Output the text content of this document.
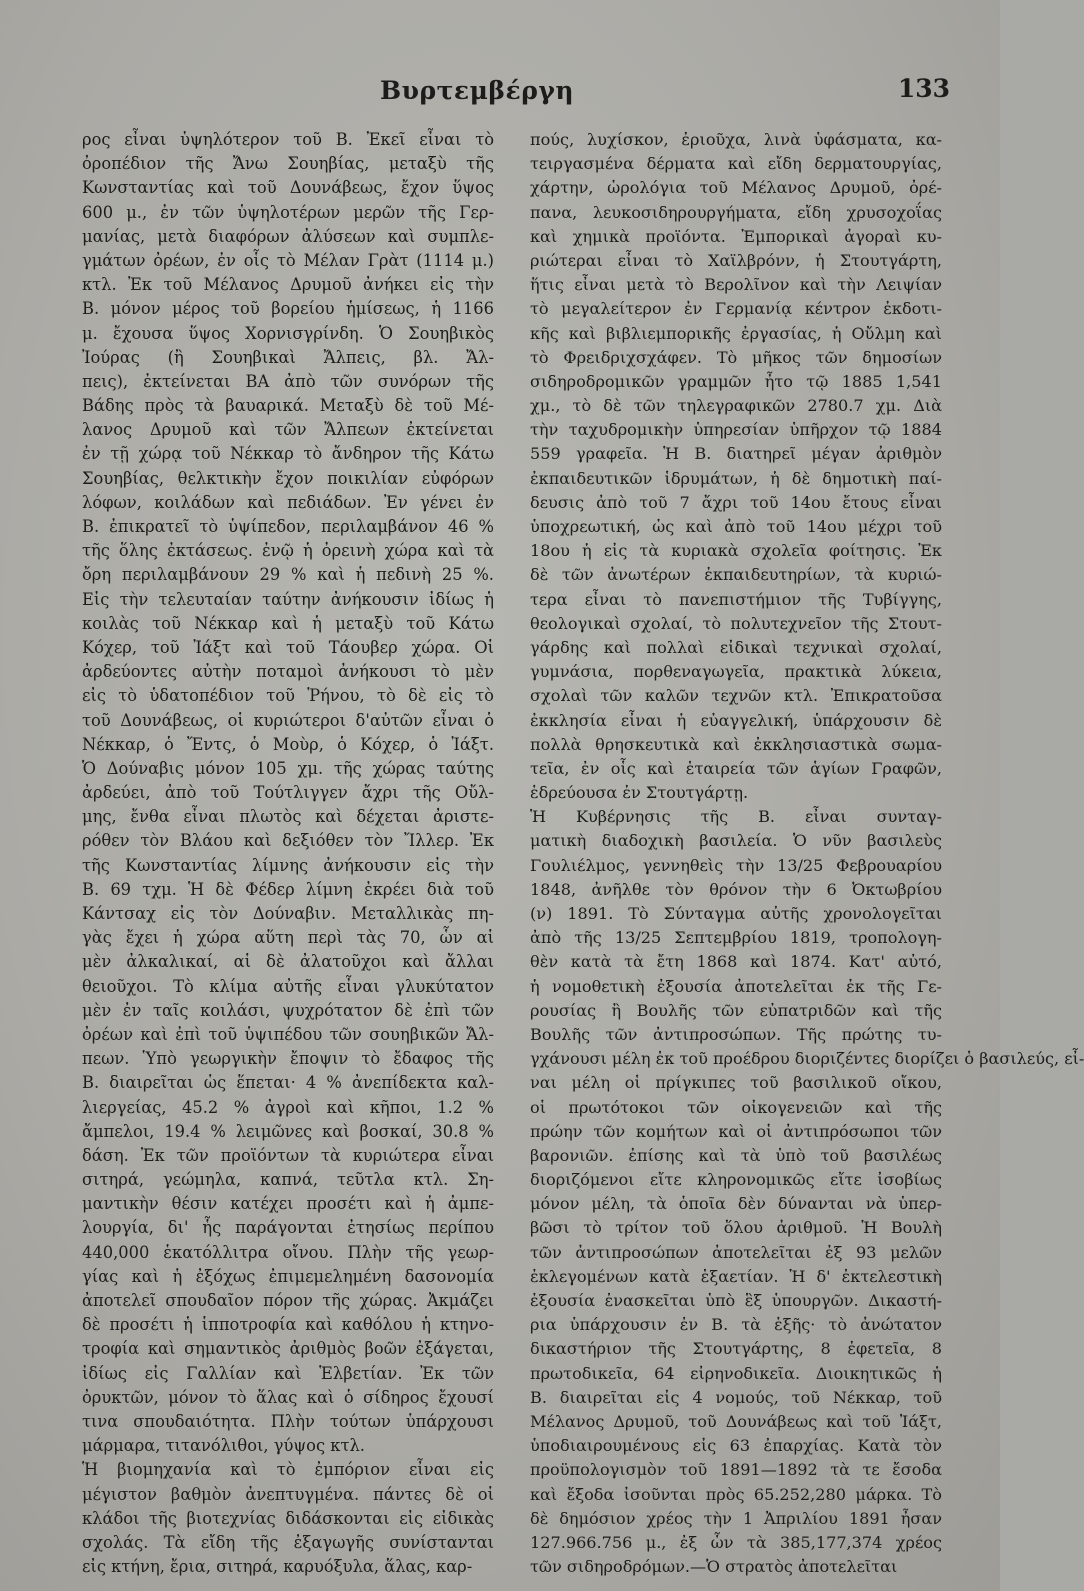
Βυρτεμβέργη	133
ρος εἶναι ὑψηλότερον τοῦ Β. Ἐκεῖ εἶναι τὸ
ὀροπέδιον τῆς Ἄνω Σουηβίας, μεταξὺ τῆς
Κωνσταντίας καὶ τοῦ Δουνάβεως, ἔχον ὕψος
600 μ., ἐν τῶν ὑψηλοτέρων μερῶν τῆς Γερ-
μανίας, μετὰ διαφόρων ἀλύσεων καὶ συμπλε-
γμάτων ὀρέων, ἐν οἷς τὸ Μέλαν Γρὰτ (1114 μ.)
κτλ. Ἐκ τοῦ Μέλανος Δρυμοῦ ἀνήκει εἰς τὴν
Β. μόνον μέρος τοῦ βορείου ἡμίσεως, ἡ 1166
μ. ἔχουσα ὕψος Χορνισγρίνδη. Ὁ Σουηβικὸς
Ἰούρας (ἢ Σουηβικαὶ Ἄλπεις, βλ. Ἄλ-
πεις), ἐκτείνεται ΒΑ ἀπὸ τῶν συνόρων τῆς
Βάδης πρὸς τὰ βαυαρικά. Μεταξὺ δὲ τοῦ Μέ-
λανος Δρυμοῦ καὶ τῶν Ἄλπεων ἐκτείνεται
ἐν τῇ χώρᾳ τοῦ Νέκκαρ τὸ ἄνδηρον τῆς Κάτω
Σουηβίας, θελκτικὴν ἔχον ποικιλίαν εὐφόρων
λόφων, κοιλάδων καὶ πεδιάδων. Ἐν γένει ἐν
Β. ἐπικρατεῖ τὸ ὑψίπεδον, περιλαμβάνον 46 %
τῆς ὅλης ἐκτάσεως. ἐνῷ ἡ ὀρεινὴ χώρα καὶ τὰ
ὄρη περιλαμβάνουν 29 % καὶ ἡ πεδινὴ 25 %.
Εἰς τὴν τελευταίαν ταύτην ἀνήκουσιν ἰδίως ἡ
κοιλὰς τοῦ Νέκκαρ καὶ ἡ μεταξὺ τοῦ Κάτω
Κόχερ, τοῦ Ἰάξτ καὶ τοῦ Τάουβερ χώρα. Οἱ
ἀρδεύοντες αὐτὴν ποταμοὶ ἀνήκουσι τὸ μὲν
εἰς τὸ ὑδατοπέδιον τοῦ Ῥήνου, τὸ δὲ εἰς τὸ
τοῦ Δουνάβεως, οἱ κυριώτεροι δ'αὐτῶν εἶναι ὁ
Νέκκαρ, ὁ Ἔντς, ὁ Μοὺρ, ὁ Κόχερ, ὁ Ἰάξτ.
Ὁ Δούναβις μόνον 105 χμ. τῆς χώρας ταύτης
ἀρδεύει, ἀπὸ τοῦ Τούτλιγγεν ἄχρι τῆς Οὔλ-
μης, ἔνθα εἶναι πλωτὸς καὶ δέχεται ἀριστε-
ρόθεν τὸν Βλάου καὶ δεξιόθεν τὸν Ἴλλερ. Ἐκ
τῆς Κωνσταντίας λίμνης ἀνήκουσιν εἰς τὴν
Β. 69 τχμ. Ἡ δὲ Φέδερ λίμνη ἐκρέει διὰ τοῦ
Κάντσαχ εἰς τὸν Δούναβιν. Μεταλλικὰς πη-
γὰς ἔχει ἡ χώρα αὕτη περὶ τὰς 70, ὧν αἱ
μὲν ἀλκαλικαί, αἱ δὲ ἀλατοῦχοι καὶ ἄλλαι
θειοῦχοι. Τὸ κλίμα αὐτῆς εἶναι γλυκύτατον
μὲν ἐν ταῖς κοιλάσι, ψυχρότατον δὲ ἐπὶ τῶν
ὀρέων καὶ ἐπὶ τοῦ ὑψιπέδου τῶν σουηβικῶν Ἄλ-
πεων. Ὑπὸ γεωργικὴν ἔποψιν τὸ ἔδαφος τῆς
Β. διαιρεῖται ὡς ἕπεται· 4 % ἀνεπίδεκτα καλ-
λιεργείας, 45.2 % ἀγροὶ καὶ κῆποι, 1.2 %
ἄμπελοι, 19.4 % λειμῶνες καὶ βοσκαί, 30.8 %
δάση. Ἐκ τῶν προϊόντων τὰ κυριώτερα εἶναι
σιτηρά, γεώμηλα, καπνά, τεῦτλα κτλ. Ση-
μαντικὴν θέσιν κατέχει προσέτι καὶ ἡ ἀμπε-
λουργία, δι' ἧς παράγονται ἐτησίως περίπου
440,000 ἑκατόλλιτρα οἴνου. Πλὴν τῆς γεωρ-
γίας καὶ ἡ ἐξόχως ἐπιμεμελημένη δασονομία
ἀποτελεῖ σπουδαῖον πόρον τῆς χώρας. Ἀκμάζει
δὲ προσέτι ἡ ἱπποτροφία καὶ καθόλου ἡ κτηνο-
τροφία καὶ σημαντικὸς ἀριθμὸς βοῶν ἐξάγεται,
ἰδίως εἰς Γαλλίαν καὶ Ἑλβετίαν. Ἐκ τῶν
ὀρυκτῶν, μόνον τὸ ἅλας καὶ ὁ σίδηρος ἔχουσί
τινα σπουδαιότητα. Πλὴν τούτων ὑπάρχουσι
μάρμαρα, τιτανόλιθοι, γύψος κτλ.
Ἡ βιομηχανία καὶ τὸ ἐμπόριον εἶναι εἰς
μέγιστον βαθμὸν ἀνεπτυγμένα. πάντες δὲ οἱ
κλάδοι τῆς βιοτεχνίας διδάσκονται εἰς εἰδικὰς
σχολάς. Τὰ εἴδη τῆς ἐξαγωγῆς συνίστανται
εἰς κτήνη, ἔρια, σιτηρά, καρυόξυλα, ἅλας, καρ-
πούς, λυχίσκον, ἐριοῦχα, λινὰ ὑφάσματα, κα-
τειργασμένα δέρματα καὶ εἴδη δερματουργίας,
χάρτην, ὡρολόγια τοῦ Μέλανος Δρυμοῦ, ὀρέ-
πανα, λευκοσιδηρουργήματα, εἴδη χρυσοχοΐας
καὶ χημικὰ προϊόντα. Ἐμπορικαὶ ἀγοραὶ κυ-
ριώτεραι εἶναι τὸ Χαϊλβρόνν, ἡ Στουτγάρτη,
ἥτις εἶναι μετὰ τὸ Βερολῖνον καὶ τὴν Λειψίαν
τὸ μεγαλείτερον ἐν Γερμανίᾳ κέντρον ἐκδοτι-
κῆς καὶ βιβλιεμπορικῆς ἐργασίας, ἡ Οὔλμη καὶ
τὸ Φρειδριχσχάφεν. Τὸ μῆκος τῶν δημοσίων
σιδηροδρομικῶν γραμμῶν ἦτο τῷ 1885 1,541
χμ., τὸ δὲ τῶν τηλεγραφικῶν 2780.7 χμ. Διὰ
τὴν ταχυδρομικὴν ὑπηρεσίαν ὑπῆρχον τῷ 1884
559 γραφεῖα. Ἡ Β. διατηρεῖ μέγαν ἀριθμὸν
ἐκπαιδευτικῶν ἱδρυμάτων, ἡ δὲ δημοτικὴ παί-
δευσις ἀπὸ τοῦ 7 ἄχρι τοῦ 14ου ἔτους εἶναι
ὑποχρεωτική, ὡς καὶ ἀπὸ τοῦ 14ου μέχρι τοῦ
18ου ἡ εἰς τὰ κυριακὰ σχολεῖα φοίτησις. Ἐκ
δὲ τῶν ἀνωτέρων ἐκπαιδευτηρίων, τὰ κυριώ-
τερα εἶναι τὸ πανεπιστήμιον τῆς Τυβίγγης,
θεολογικαὶ σχολαί, τὸ πολυτεχνεῖον τῆς Στουτ-
γάρδης καὶ πολλαὶ εἰδικαὶ τεχνικαὶ σχολαί,
γυμνάσια, πορθεναγωγεῖα, πρακτικὰ λύκεια,
σχολαὶ τῶν καλῶν τεχνῶν κτλ. Ἐπικρατοῦσα
ἐκκλησία εἶναι ἡ εὐαγγελική, ὑπάρχουσιν δὲ
πολλὰ θρησκευτικὰ καὶ ἐκκλησιαστικὰ σωμα-
τεῖα, ἐν οἷς καὶ ἑταιρεία τῶν ἁγίων Γραφῶν,
ἑδρεύουσα ἐν Στουτγάρτῃ.
Ἡ Κυβέρνησις τῆς Β. εἶναι συνταγ-
ματικὴ διαδοχικὴ βασιλεία. Ὁ νῦν βασιλεὺς
Γουλιέλμος, γεννηθεὶς τὴν 13/25 Φεβρουαρίου
1848, ἀνῆλθε τὸν θρόνον τὴν 6 Ὀκτωβρίου
(ν) 1891. Τὸ Σύνταγμα αὐτῆς χρονολογεῖται
ἀπὸ τῆς 13/25 Σεπτεμβρίου 1819, τροπολογη-
θὲν κατὰ τὰ ἔτη 1868 καὶ 1874. Κατ' αὐτό,
ἡ νομοθετικὴ ἐξουσία ἀποτελεῖται ἐκ τῆς Γε-
ρουσίας ἢ Βουλῆς τῶν εὐπατριδῶν καὶ τῆς
Βουλῆς τῶν ἀντιπροσώπων. Τῆς πρώτης τυ-
γχάνουσι μέλη ἐκ τοῦ προέδρου διοριζέντες διορίζει ὁ βασιλεύς, εἶ-
ναι μέλη οἱ πρίγκιπες τοῦ βασιλικοῦ οἴκου,
οἱ πρωτότοκοι τῶν οἰκογενειῶν καὶ τῆς
πρώην τῶν κομήτων καὶ οἱ ἀντιπρόσωποι τῶν
βαρονιῶν. ἐπίσης καὶ τὰ ὑπὸ τοῦ βασιλέως
διοριζόμενοι εἴτε κληρονομικῶς εἴτε ἰσοβίως
μόνον μέλη, τὰ ὁποῖα δὲν δύνανται νὰ ὑπερ-
βῶσι τὸ τρίτον τοῦ ὅλου ἀριθμοῦ. Ἡ Βουλὴ
τῶν ἀντιπροσώπων ἀποτελεῖται ἐξ 93 μελῶν
ἐκλεγομένων κατὰ ἑξαετίαν. Ἡ δ' ἐκτελεστικὴ
ἐξουσία ἐνασκεῖται ὑπὸ ἓξ ὑπουργῶν. Δικαστή-
ρια ὑπάρχουσιν ἐν Β. τὰ ἑξῆς· τὸ ἀνώτατον
δικαστήριον τῆς Στουτγάρτης, 8 ἐφετεῖα, 8
πρωτοδικεῖα, 64 εἰρηνοδικεῖα. Διοικητικῶς ἡ
Β. διαιρεῖται εἰς 4 νομούς, τοῦ Νέκκαρ, τοῦ
Μέλανος Δρυμοῦ, τοῦ Δουνάβεως καὶ τοῦ Ἰάξτ,
ὑποδιαιρουμένους εἰς 63 ἐπαρχίας. Κατὰ τὸν
προϋπολογισμὸν τοῦ 1891—1892 τὰ τε ἔσοδα
καὶ ἔξοδα ἰσοῦνται πρὸς 65.252,280 μάρκα. Τὸ
δὲ δημόσιον χρέος τὴν 1 Ἀπριλίου 1891 ἦσαν
127.966.756 μ., ἐξ ὧν τὰ 385,177,374 χρέος
τῶν σιδηροδρόμων.—Ὁ στρατὸς ἀποτελεῖται
